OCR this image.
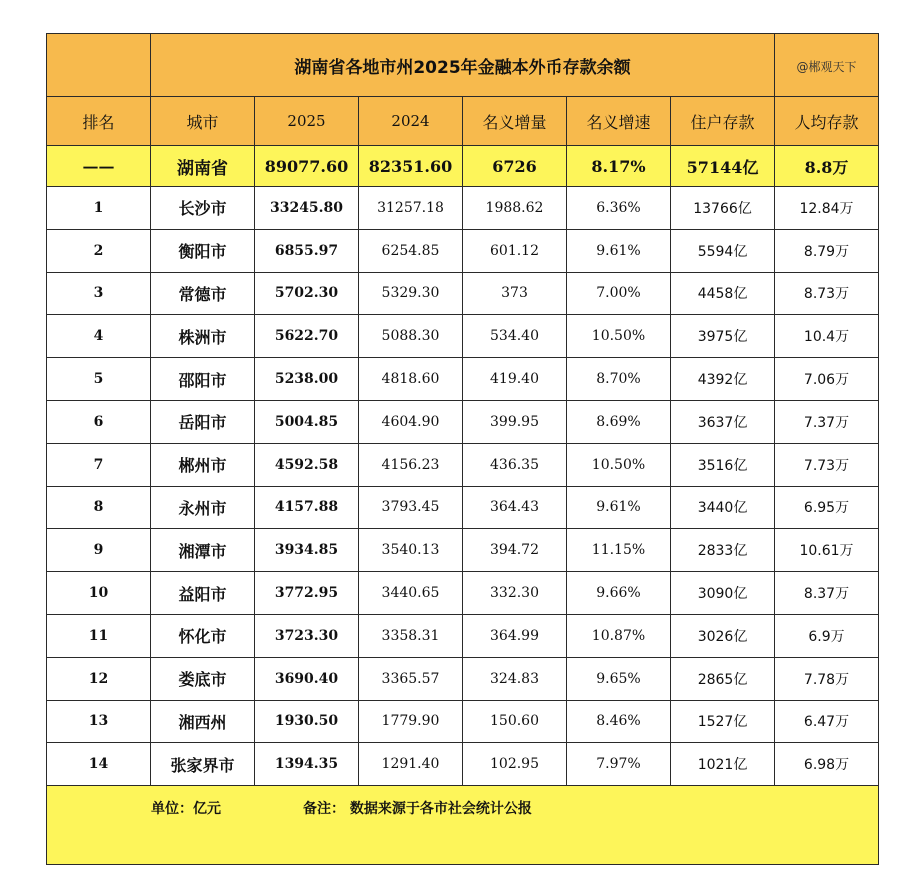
	湖南省各地市州2025年金融本外币存款余额						@郴观天下
排名	城市	2025	2024	名义增量	名义增速	住户存款	人均存款
——	湖南省	89077.60	82351.60	6726	8.17%	57144亿	8.8万
1	长沙市	33245.80	31257.18	1988.62	6.36%	13766亿	12.84万
2	衡阳市	6855.97	6254.85	601.12	9.61%	5594亿	8.79万
3	常德市	5702.30	5329.30	373	7.00%	4458亿	8.73万
4	株洲市	5622.70	5088.30	534.40	10.50%	3975亿	10.4万
5	邵阳市	5238.00	4818.60	419.40	8.70%	4392亿	7.06万
6	岳阳市	5004.85	4604.90	399.95	8.69%	3637亿	7.37万
7	郴州市	4592.58	4156.23	436.35	10.50%	3516亿	7.73万
8	永州市	4157.88	3793.45	364.43	9.61%	3440亿	6.95万
9	湘潭市	3934.85	3540.13	394.72	11.15%	2833亿	10.61万
10	益阳市	3772.95	3440.65	332.30	9.66%	3090亿	8.37万
11	怀化市	3723.30	3358.31	364.99	10.87%	3026亿	6.9万
12	娄底市	3690.40	3365.57	324.83	9.65%	2865亿	7.78万
13	湘西州	1930.50	1779.90	150.60	8.46%	1527亿	6.47万
14	张家界市	1394.35	1291.40	102.95	7.97%	1021亿	6.98万

单位：亿元 备注： 数据来源于各市社会统计公报							
